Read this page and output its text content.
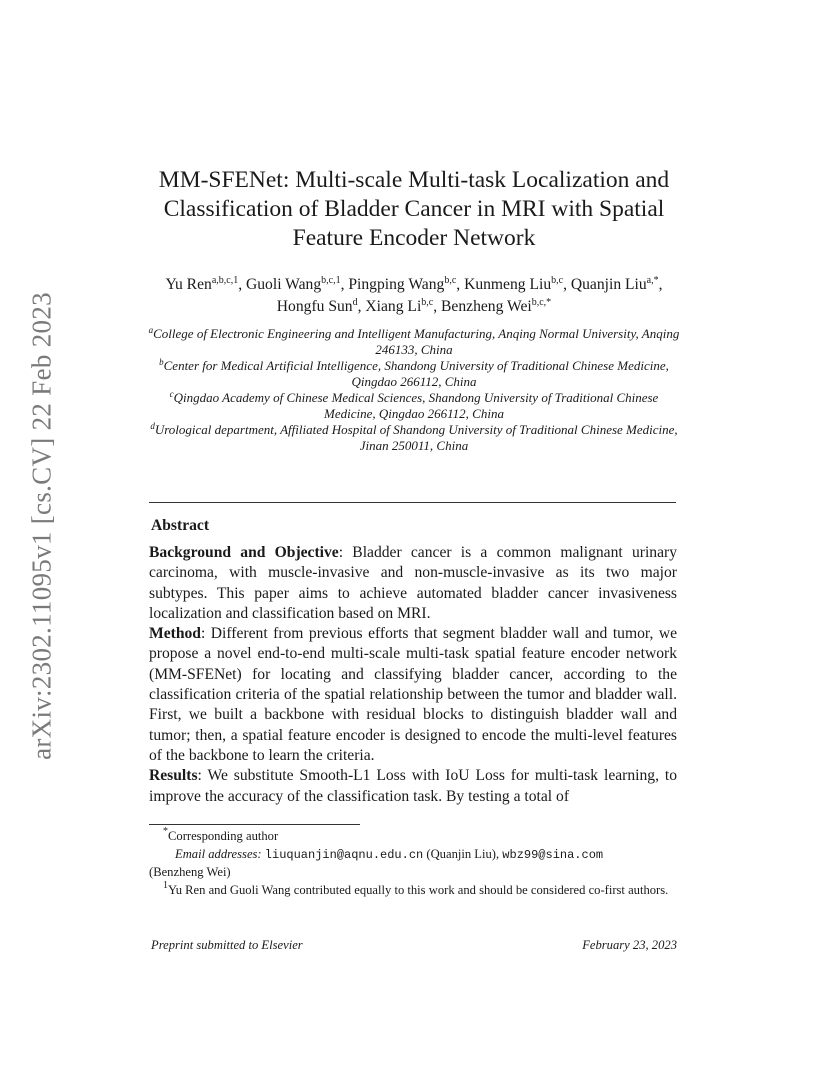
arXiv:2302.11095v1 [cs.CV] 22 Feb 2023
MM-SFENet: Multi-scale Multi-task Localization and Classification of Bladder Cancer in MRI with Spatial Feature Encoder Network
Yu Ren$^{a,b,c,1}$, Guoli Wang$^{b,c,1}$, Pingping Wang$^{b,c}$, Kunmeng Liu$^{b,c}$, Quanjin Liu$^{a,*}$, Hongfu Sun$^d$, Xiang Li$^{b,c}$, Benzheng Wei$^{b,c,*}$

$^a$College of Electronic Engineering and Intelligent Manufacturing, Anqing Normal University, Anqing 246133, China

$^b$Center for Medical Artificial Intelligence, Shandong University of Traditional Chinese Medicine, Qingdao 266112, China

$^c$Qingdao Academy of Chinese Medical Sciences, Shandong University of Traditional Chinese Medicine, Qingdao 266112, China

$^d$Urological department, Affiliated Hospital of Shandong University of Traditional Chinese Medicine, Jinan 250011, China

Abstract

Background and Objective: Bladder cancer is a common malignant urinary carcinoma, with muscle-invasive and non-muscle-invasive as its two major subtypes. This paper aims to achieve automated bladder cancer invasiveness localization and classification based on MRI.

Method: Different from previous efforts that segment bladder wall and tumor, we propose a novel end-to-end multi-scale multi-task spatial feature encoder network (MM-SFENet) for locating and classifying bladder cancer, according to the classification criteria of the spatial relationship between the tumor and bladder wall. First, we built a backbone with residual blocks to distinguish bladder wall and tumor; then, a spatial feature encoder is designed to encode the multi-level features of the backbone to learn the criteria.

Results: We substitute Smooth-L1 Loss with IoU Loss for multi-task learning, to improve the accuracy of the classification task. By testing a total of

*Corresponding author

Email addresses: liuquanjin@aqnu.edu.cn (Quanjin Liu), wbz99@sina.com

(Benzheng Wei)

$^1$Yu Ren and Guoli Wang contributed equally to this work and should be considered co-first authors.

Preprint submitted to Elsevier	February 23, 2023
